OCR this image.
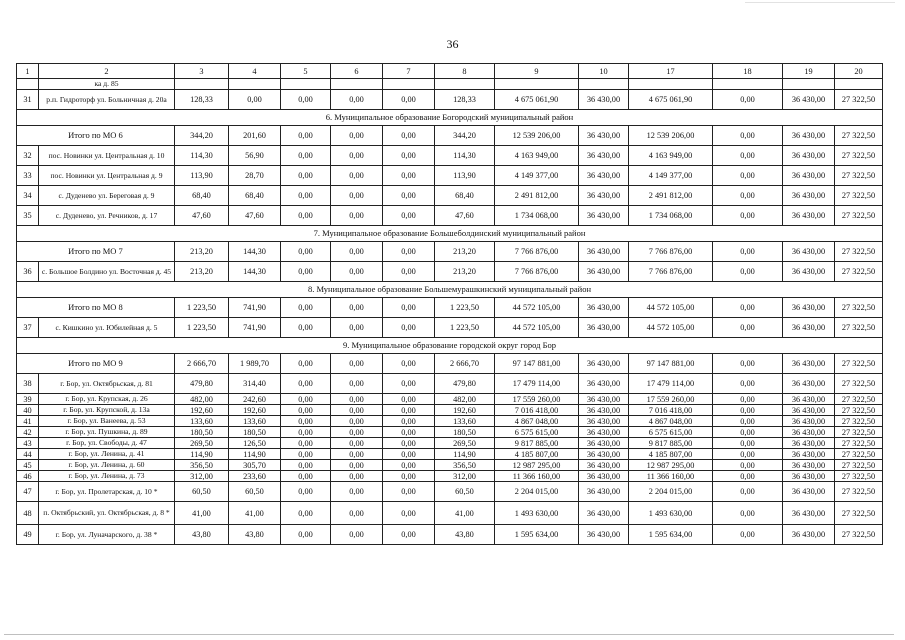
36
1	2	3	4	5	6	7	8	9	10	17	18	19	20
	ка д. 85												
31	р.п. Гидроторф ул. Больничная д. 20а	128,33	0,00	0,00	0,00	0,00	128,33	4 675 061,90	36 430,00	4 675 061,90	0,00	36 430,00	27 322,50
6. Муниципальное образование Богородский муниципальный район													
Итого по МО 6		344,20	201,60	0,00	0,00	0,00	344,20	12 539 206,00	36 430,00	12 539 206,00	0,00	36 430,00	27 322,50
32	пос. Новинки ул. Центральная д. 10	114,30	56,90	0,00	0,00	0,00	114,30	4 163 949,00	36 430,00	4 163 949,00	0,00	36 430,00	27 322,50
33	пос. Новинки ул. Центральная д. 9	113,90	28,70	0,00	0,00	0,00	113,90	4 149 377,00	36 430,00	4 149 377,00	0,00	36 430,00	27 322,50
34	с. Дуденево ул. Береговая д. 9	68,40	68,40	0,00	0,00	0,00	68,40	2 491 812,00	36 430,00	2 491 812,00	0,00	36 430,00	27 322,50
35	с. Дуденево, ул. Речников, д. 17	47,60	47,60	0,00	0,00	0,00	47,60	1 734 068,00	36 430,00	1 734 068,00	0,00	36 430,00	27 322,50
7. Муниципальное образование Большеболдинский муниципальный район													
Итого по МО 7		213,20	144,30	0,00	0,00	0,00	213,20	7 766 876,00	36 430,00	7 766 876,00	0,00	36 430,00	27 322,50
36	с. Большое Болдино ул. Восточная д. 45	213,20	144,30	0,00	0,00	0,00	213,20	7 766 876,00	36 430,00	7 766 876,00	0,00	36 430,00	27 322,50
8. Муниципальное образование Большемурашкинский муниципальный район													
Итого по МО 8		1 223,50	741,90	0,00	0,00	0,00	1 223,50	44 572 105,00	36 430,00	44 572 105,00	0,00	36 430,00	27 322,50
37	с. Кишкино ул. Юбилейная д. 5	1 223,50	741,90	0,00	0,00	0,00	1 223,50	44 572 105,00	36 430,00	44 572 105,00	0,00	36 430,00	27 322,50
9. Муниципальное образование городской округ город Бор													
Итого по МО 9		2 666,70	1 989,70	0,00	0,00	0,00	2 666,70	97 147 881,00	36 430,00	97 147 881,00	0,00	36 430,00	27 322,50
38	г. Бор, ул. Октябрьская, д. 81	479,80	314,40	0,00	0,00	0,00	479,80	17 479 114,00	36 430,00	17 479 114,00	0,00	36 430,00	27 322,50
39	г. Бор, ул. Крупская, д. 26	482,00	242,60	0,00	0,00	0,00	482,00	17 559 260,00	36 430,00	17 559 260,00	0,00	36 430,00	27 322,50
40	г. Бор, ул. Крупской, д. 13а	192,60	192,60	0,00	0,00	0,00	192,60	7 016 418,00	36 430,00	7 016 418,00	0,00	36 430,00	27 322,50
41	г. Бор, ул. Ванеева, д. 53	133,60	133,60	0,00	0,00	0,00	133,60	4 867 048,00	36 430,00	4 867 048,00	0,00	36 430,00	27 322,50
42	г. Бор, ул. Пушкина, д. 89	180,50	180,50	0,00	0,00	0,00	180,50	6 575 615,00	36 430,00	6 575 615,00	0,00	36 430,00	27 322,50
43	г. Бор, ул. Свободы, д. 47	269,50	126,50	0,00	0,00	0,00	269,50	9 817 885,00	36 430,00	9 817 885,00	0,00	36 430,00	27 322,50
44	г. Бор, ул. Ленина, д. 41	114,90	114,90	0,00	0,00	0,00	114,90	4 185 807,00	36 430,00	4 185 807,00	0,00	36 430,00	27 322,50
45	г. Бор, ул. Ленина, д. 60	356,50	305,70	0,00	0,00	0,00	356,50	12 987 295,00	36 430,00	12 987 295,00	0,00	36 430,00	27 322,50
46	г. Бор, ул. Ленина, д. 73	312,00	233,60	0,00	0,00	0,00	312,00	11 366 160,00	36 430,00	11 366 160,00	0,00	36 430,00	27 322,50
47	г. Бор, ул. Пролетарская, д. 10 *	60,50	60,50	0,00	0,00	0,00	60,50	2 204 015,00	36 430,00	2 204 015,00	0,00	36 430,00	27 322,50
48	п. Октябрьский, ул. Октябрьская, д. 8 *	41,00	41,00	0,00	0,00	0,00	41,00	1 493 630,00	36 430,00	1 493 630,00	0,00	36 430,00	27 322,50
49	г. Бор, ул. Луначарского, д. 38 *	43,80	43,80	0,00	0,00	0,00	43,80	1 595 634,00	36 430,00	1 595 634,00	0,00	36 430,00	27 322,50
